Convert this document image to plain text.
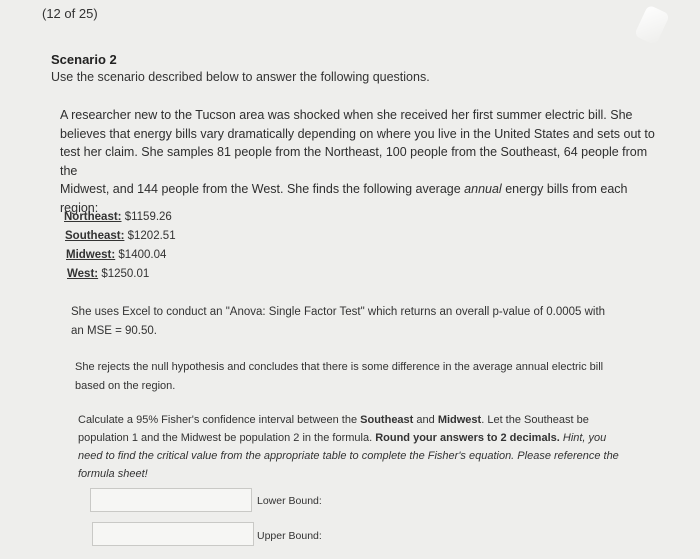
(12 of 25)
Scenario 2
Use the scenario described below to answer the following questions.
A researcher new to the Tucson area was shocked when she received her first summer electric bill. She
believes that energy bills vary dramatically depending on where you live in the United States and sets out to
test her claim. She samples 81 people from the Northeast, 100 people from the Southeast, 64 people from the
Midwest, and 144 people from the West. She finds the following average annual energy bills from each region:
Northeast: $1159.26
Southeast: $1202.51
Midwest: $1400.04
West: $1250.01
She uses Excel to conduct an "Anova: Single Factor Test" which returns an overall p-value of 0.0005 with
an MSE = 90.50.
She rejects the null hypothesis and concludes that there is some difference in the average annual electric bill
based on the region.
Calculate a 95% Fisher's confidence interval between the Southeast and Midwest. Let the Southeast be
population 1 and the Midwest be population 2 in the formula. Round your answers to 2 decimals. Hint, you
need to find the critical value from the appropriate table to complete the Fisher's equation. Please reference the
formula sheet!
Lower Bound:
Upper Bound:
